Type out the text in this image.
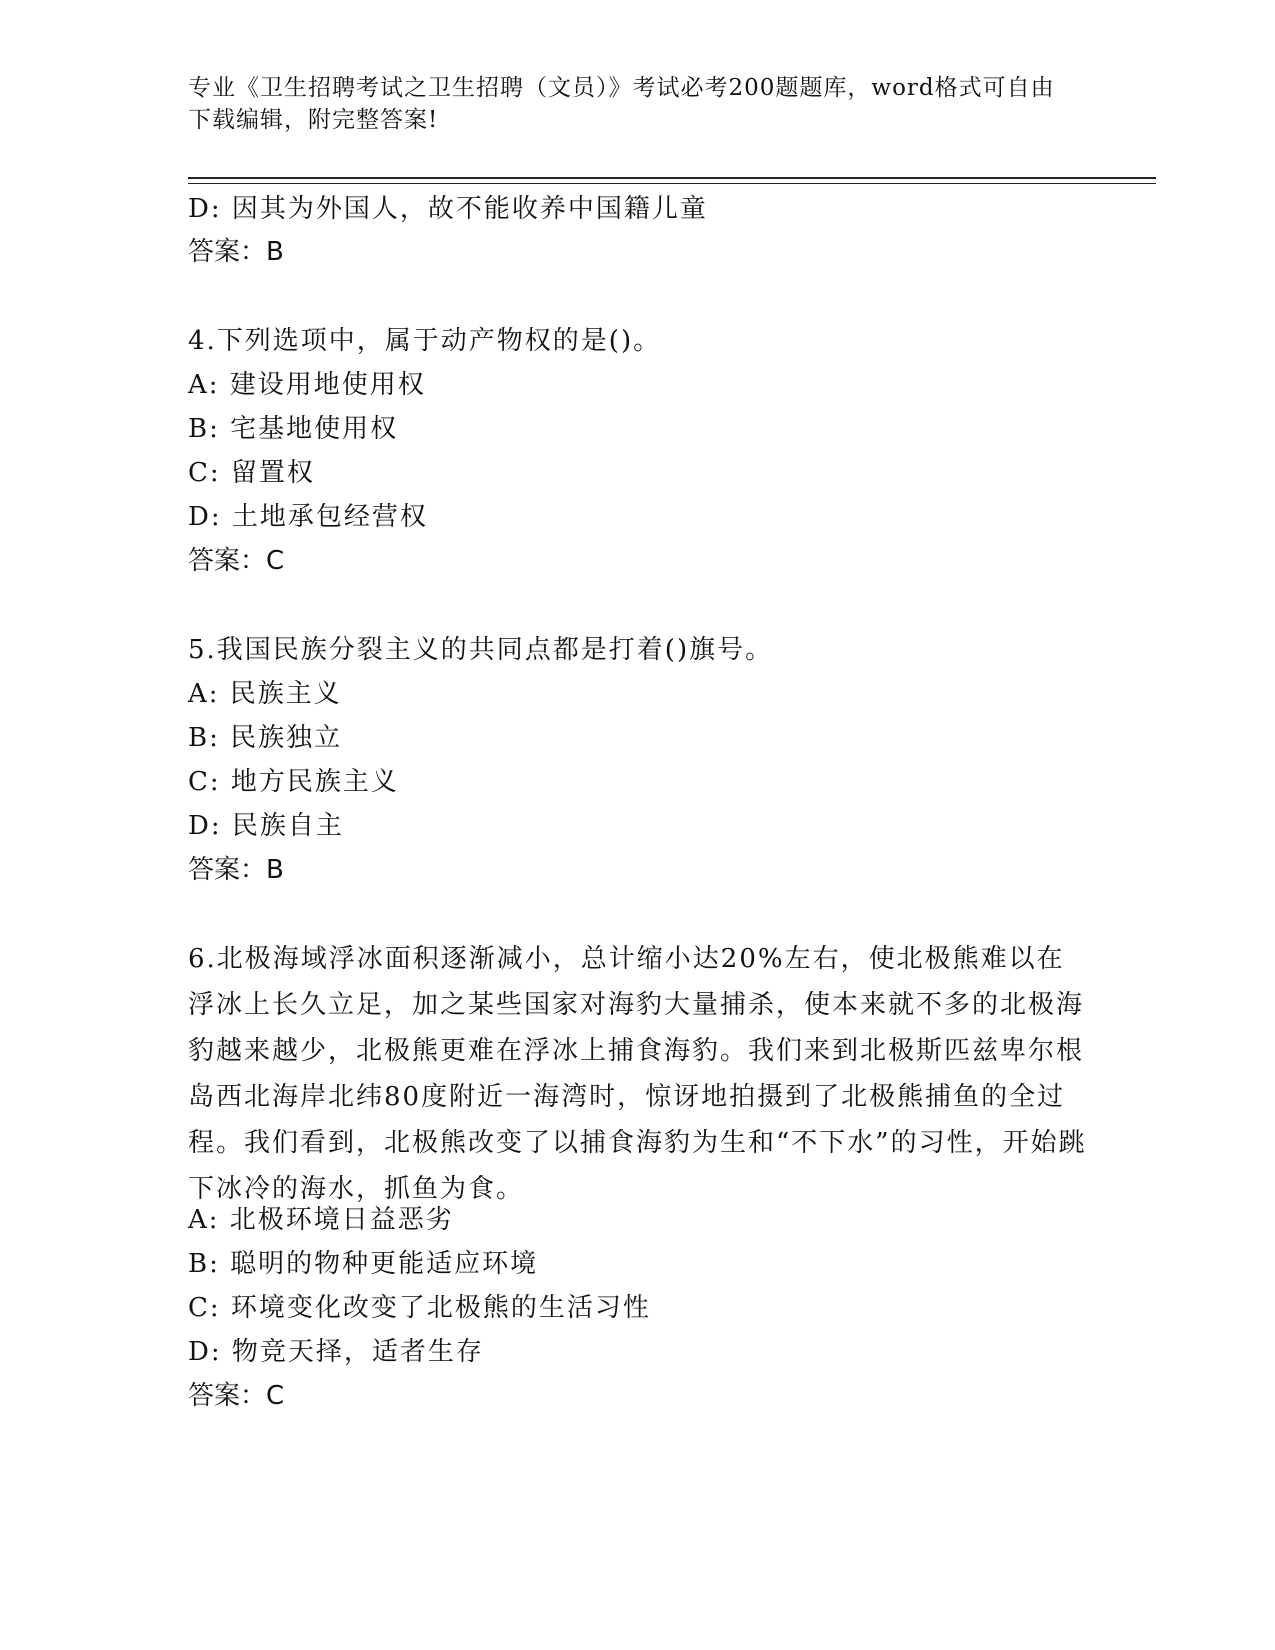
专业《卫生招聘考试之卫生招聘（文员）》考试必考200题题库，word格式可自由下载编辑，附完整答案!
D: 因其为外国人，故不能收养中国籍儿童
答案：B
4.下列选项中，属于动产物权的是()。
A: 建设用地使用权
B: 宅基地使用权
C: 留置权
D: 土地承包经营权
答案：C
5.我国民族分裂主义的共同点都是打着()旗号。
A: 民族主义
B: 民族独立
C: 地方民族主义
D: 民族自主
答案：B
6.北极海域浮冰面积逐渐减小，总计缩小达20%左右，使北极熊难以在浮冰上长久立足，加之某些国家对海豹大量捕杀，使本来就不多的北极海豹越来越少，北极熊更难在浮冰上捕食海豹。我们来到北极斯匹兹卑尔根岛西北海岸北纬80度附近一海湾时，惊讶地拍摄到了北极熊捕鱼的全过程。我们看到，北极熊改变了以捕食海豹为生和“不下水”的习性，开始跳下冰冷的海水，抓鱼为食。
A: 北极环境日益恶劣
B: 聪明的物种更能适应环境
C: 环境变化改变了北极熊的生活习性
D: 物竞天择，适者生存
答案：C
